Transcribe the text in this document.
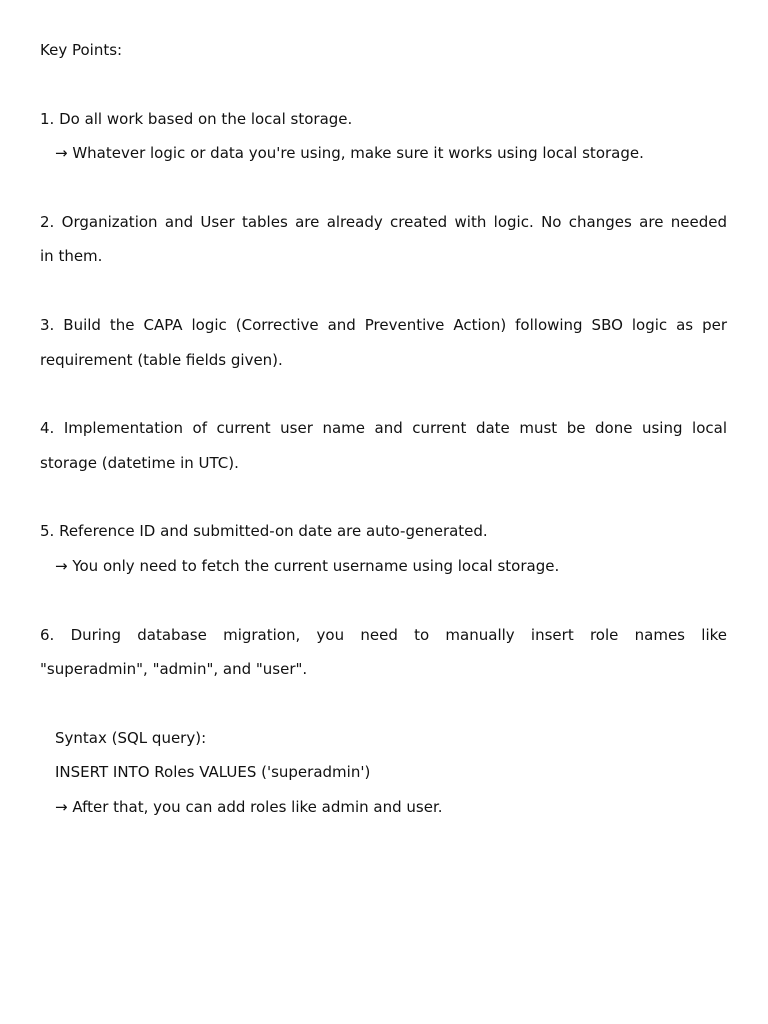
Key Points:
1. Do all work based on the local storage.
→ Whatever logic or data you're using, make sure it works using local storage.
2. Organization and User tables are already created with logic. No changes are needed
in them.
3. Build the CAPA logic (Corrective and Preventive Action) following SBO logic as per
requirement (table fields given).
4. Implementation of current user name and current date must be done using local
storage (datetime in UTC).
5. Reference ID and submitted-on date are auto-generated.
→ You only need to fetch the current username using local storage.
6. During database migration, you need to manually insert role names like
"superadmin", "admin", and "user".
Syntax (SQL query):
INSERT INTO Roles VALUES ('superadmin')
→ After that, you can add roles like admin and user.
